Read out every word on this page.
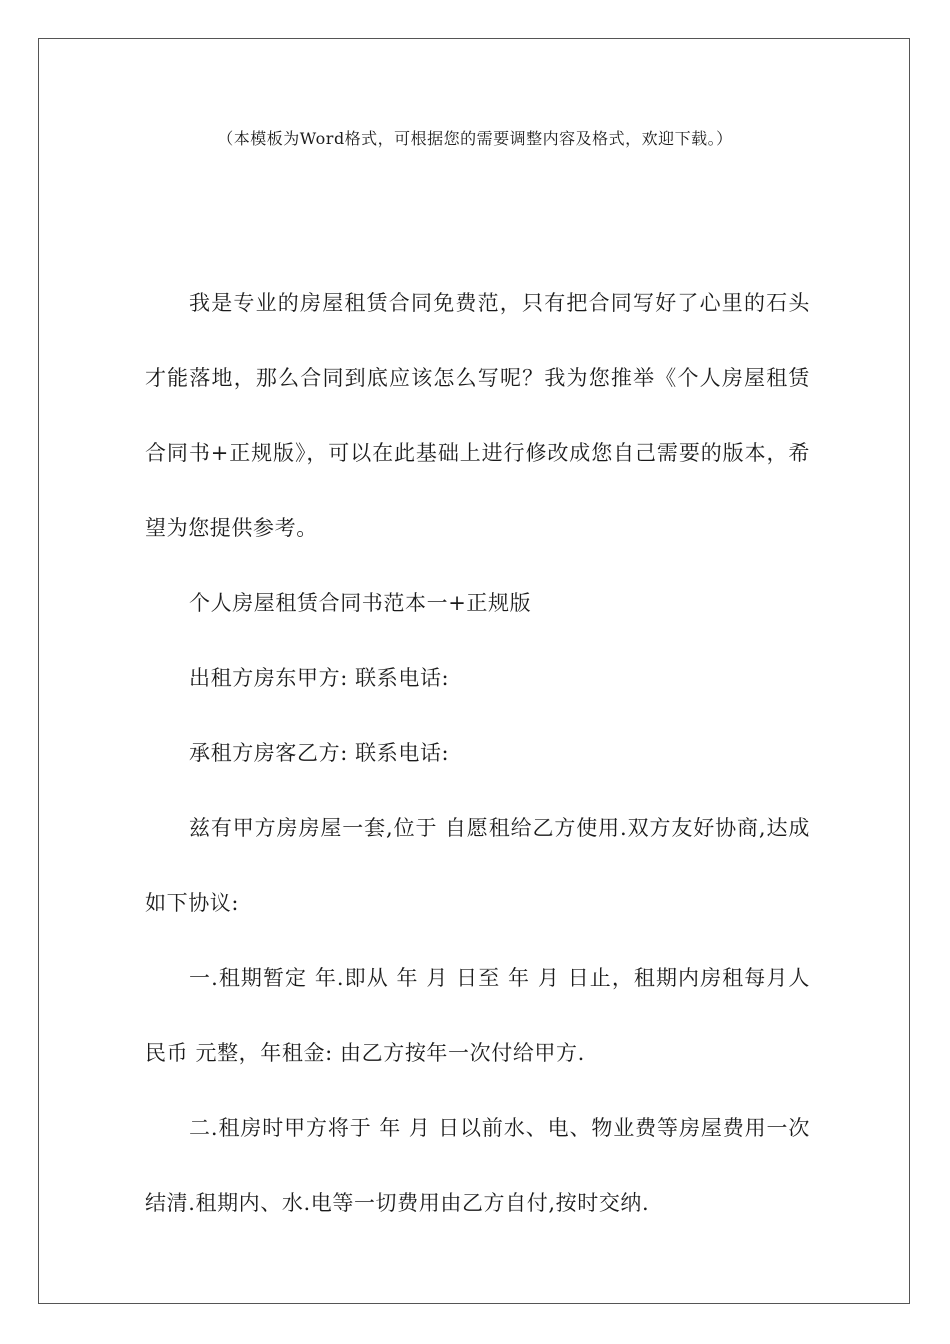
（本模板为Word格式，可根据您的需要调整内容及格式，欢迎下载。）

我是专业的房屋租赁合同免费范，只有把合同写好了心里的石头才能落地，那么合同到底应该怎么写呢？我为您推举《个人房屋租赁合同书+正规版》，可以在此基础上进行修改成您自己需要的版本，希望为您提供参考。

个人房屋租赁合同书范本一+正规版

出租方房东甲方: 联系电话:

承租方房客乙方: 联系电话:

兹有甲方房房屋一套,位于 自愿租给乙方使用.双方友好协商,达成如下协议:

一.租期暂定 年.即从 年 月 日至 年 月 日止，租期内房租每月人民币 元整，年租金: 由乙方按年一次付给甲方.

二.租房时甲方将于 年 月 日以前水、电、物业费等房屋费用一次结清.租期内、水.电等一切费用由乙方自付,按时交纳.
